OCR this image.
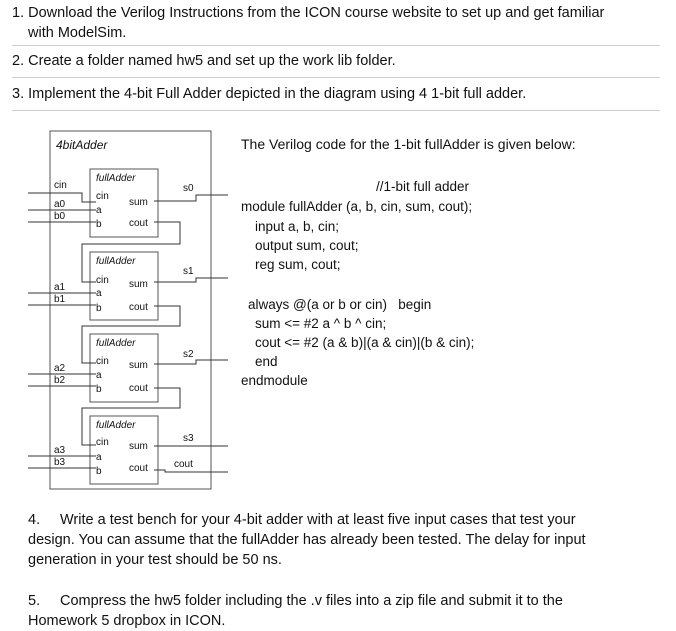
1. Download the Verilog Instructions from the ICON course website to set up and get familiar
with ModelSim.
2. Create a folder named hw5 and set up the work lib folder.
3. Implement the 4-bit Full Adder depicted in the diagram using 4 1-bit full adder.
4bitAdder
fullAdder
cin
sum
a
b	cout
fullAdder
cin sum
a
b	cout
fullAdder
cin sum
a
b	cout
fullAdder
cin sum
a
b	cout
cin
a0
b0
a1
b1
a2
b2
a3
b3
s0
s1
s2
s3
cout
The Verilog code for the 1-bit fullAdder is given below:
//1-bit full adder
module fullAdder (a, b, cin, sum, cout);
input a, b, cin;
output sum, cout;
reg sum, cout;
always @(a or b or cin)   begin
sum <= #2 a ^ b ^ cin;
cout <= #2 (a & b)|(a & cin)|(b & cin);
end
endmodule
4. Write a test bench for your 4-bit adder with at least five input cases that test your
design. You can assume that the fullAdder has already been tested. The delay for input
generation in your test should be 50 ns.
5. Compress the hw5 folder including the .v files into a zip file and submit it to the
Homework 5 dropbox in ICON.
